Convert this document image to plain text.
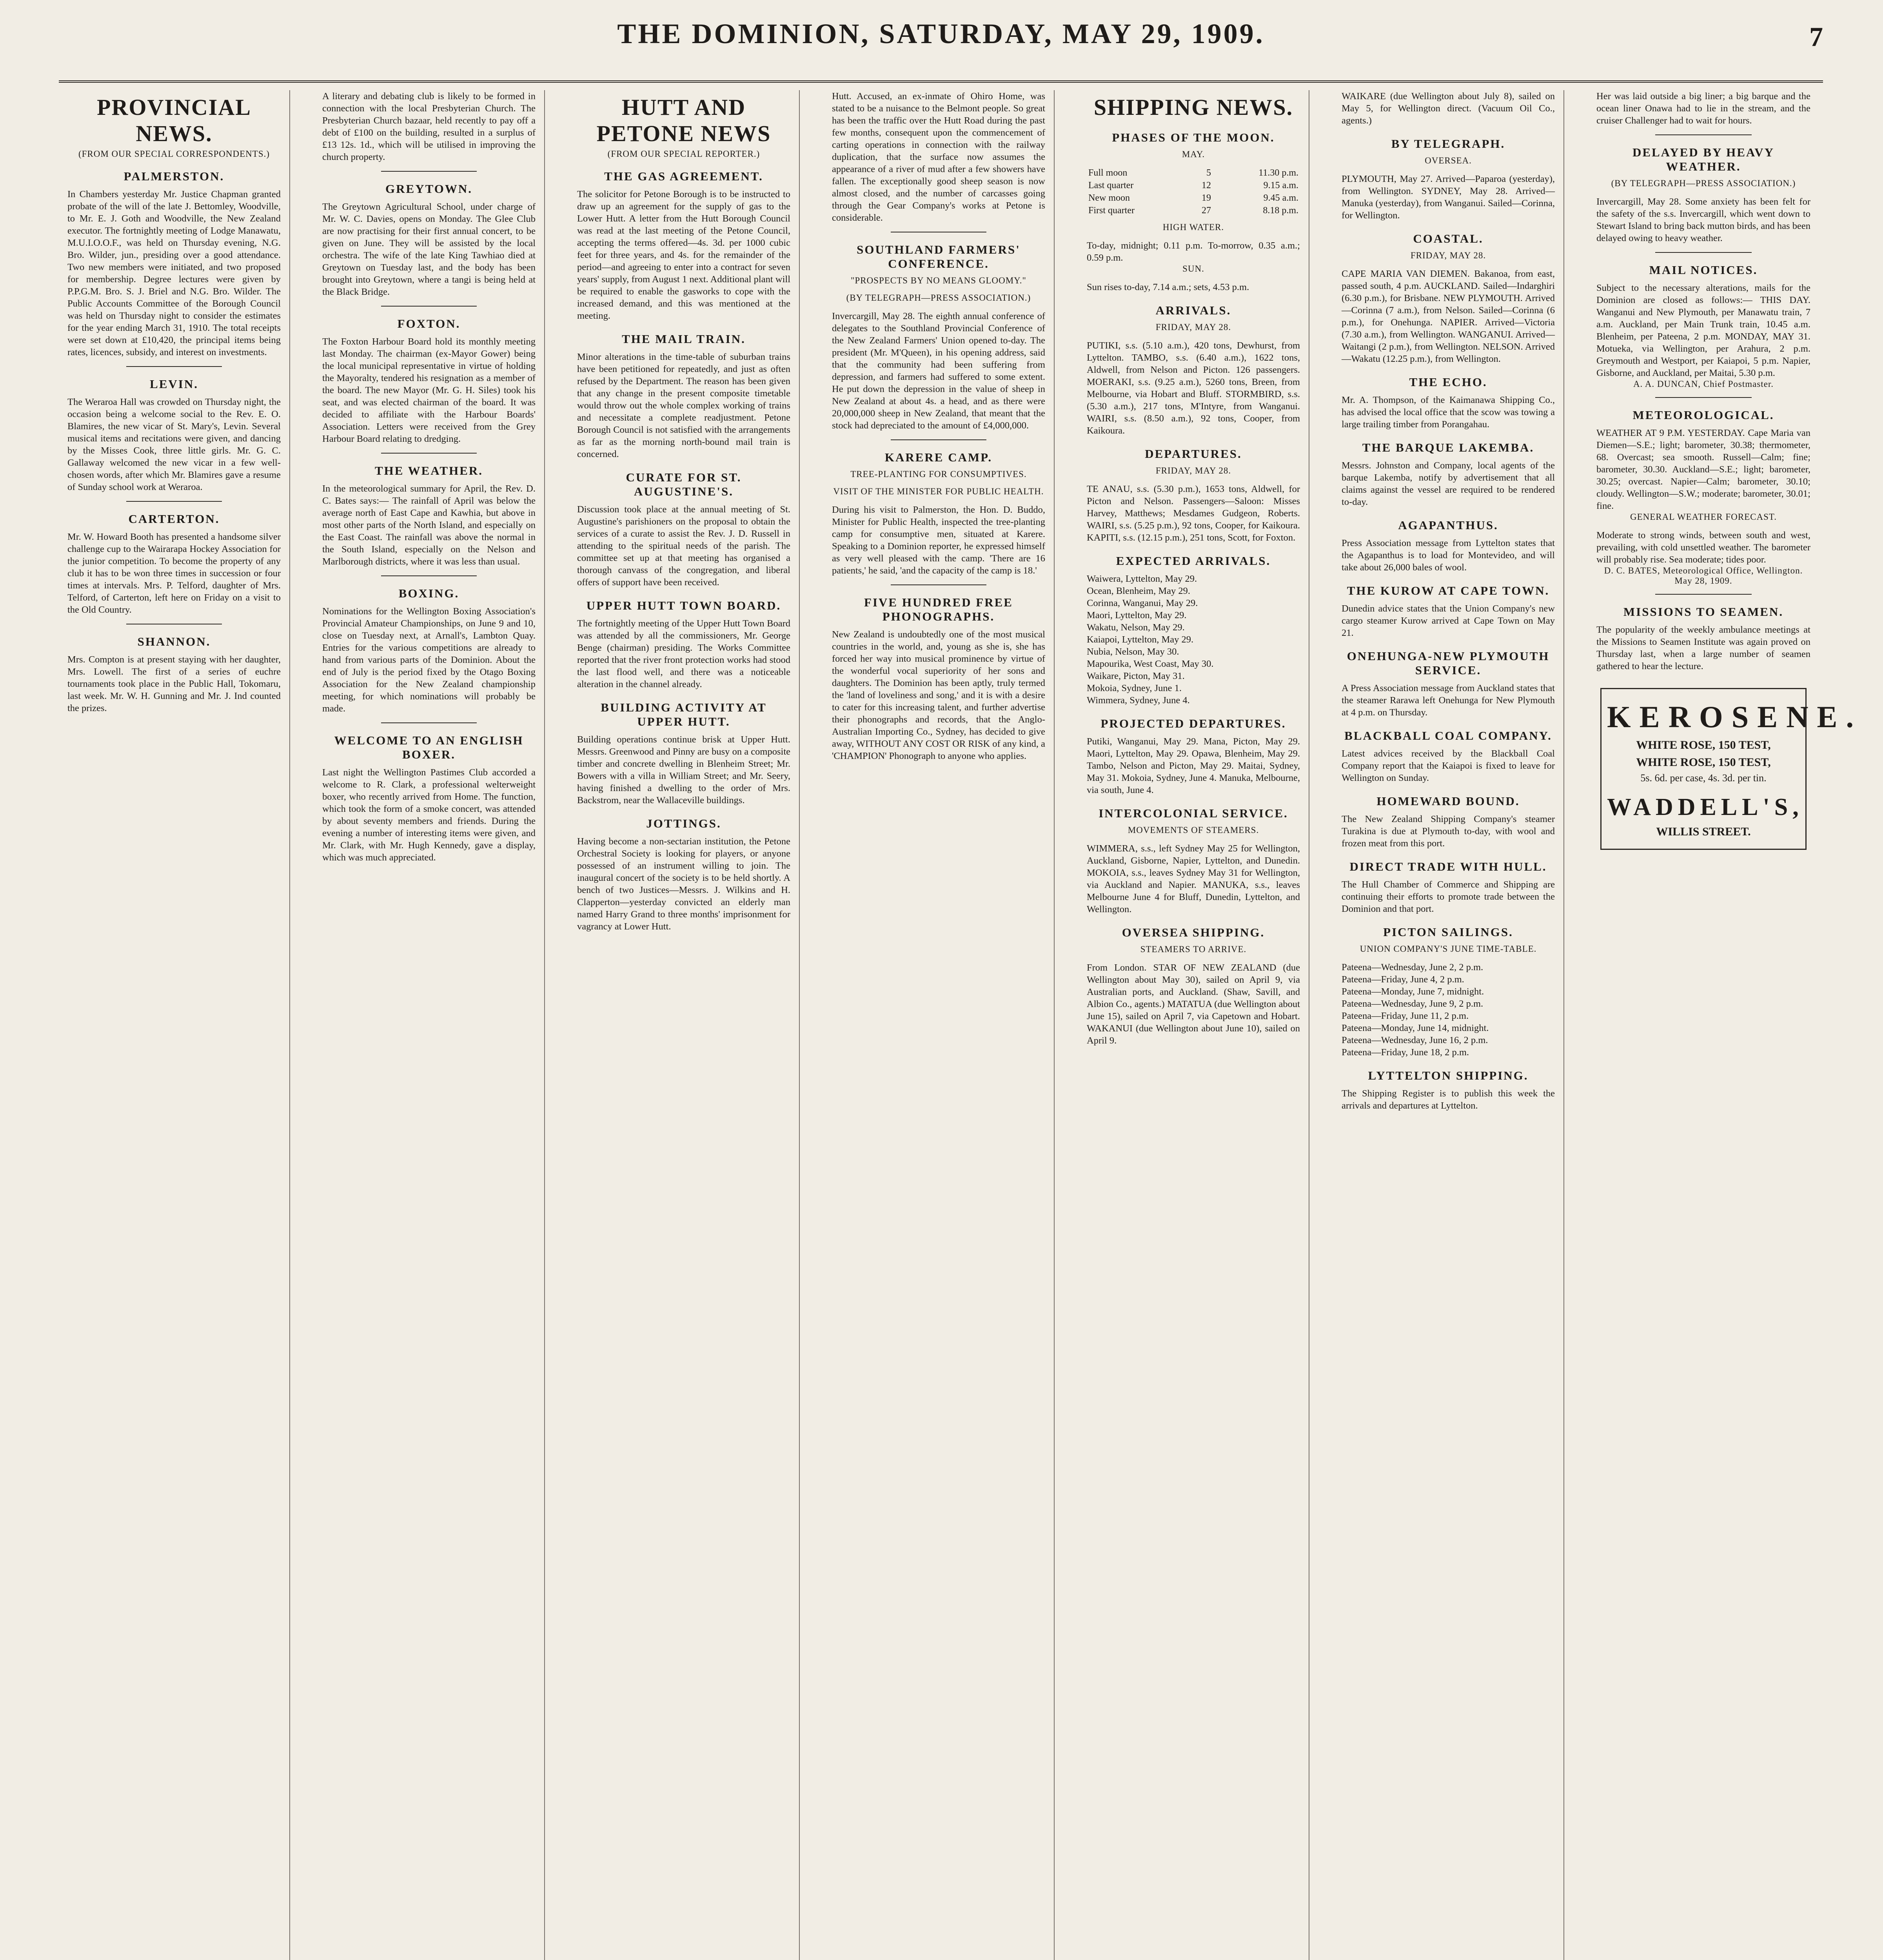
THE DOMINION, SATURDAY, MAY 29, 1909.	7
PROVINCIAL NEWS.
(FROM OUR SPECIAL CORRESPONDENTS.)
PALMERSTON.
In Chambers yesterday Mr. Justice Chapman granted probate of the will of the late J. Bettomley, Woodville, to Mr. E. J. Goth and Woodville, the New Zealand executor. The fortnightly meeting of Lodge Manawatu, M.U.I.O.O.F., was held on Thursday evening, N.G. Bro. Wilder, jun., presiding over a good attendance. Two new members were initiated, and two proposed for membership. Degree lectures were given by P.P.G.M. Bro. S. J. Briel and N.G. Bro. Wilder. The Public Accounts Committee of the Borough Council was held on Thursday night to consider the estimates for the year ending March 31, 1910. The total receipts were set down at £10,420, the principal items being rates, licences, subsidy, and interest on investments.
LEVIN.
The Weraroa Hall was crowded on Thursday night, the occasion being a welcome social to the Rev. E. O. Blamires, the new vicar of St. Mary's, Levin. Several musical items and recitations were given, and dancing by the Misses Cook, three little girls. Mr. G. C. Gallaway welcomed the new vicar in a few well-chosen words, after which Mr. Blamires gave a resume of Sunday school work at Weraroa.
CARTERTON.
Mr. W. Howard Booth has presented a handsome silver challenge cup to the Wairarapa Hockey Association for the junior competition. To become the property of any club it has to be won three times in succession or four times at intervals. Mrs. P. Telford, daughter of Mrs. Telford, of Carterton, left here on Friday on a visit to the Old Country.
SHANNON.
Mrs. Compton is at present staying with her daughter, Mrs. Lowell. The first of a series of euchre tournaments took place in the Public Hall, Tokomaru, last week. Mr. W. H. Gunning and Mr. J. Ind counted the prizes.
A literary and debating club is likely to be formed in connection with the local Presbyterian Church. The Presbyterian Church bazaar, held recently to pay off a debt of £100 on the building, resulted in a surplus of £13 12s. 1d., which will be utilised in improving the church property.
GREYTOWN.
The Greytown Agricultural School, under charge of Mr. W. C. Davies, opens on Monday. The Glee Club are now practising for their first annual concert, to be given on June. They will be assisted by the local orchestra. The wife of the late King Tawhiao died at Greytown on Tuesday last, and the body has been brought into Greytown, where a tangi is being held at the Black Bridge.
FOXTON.
The Foxton Harbour Board hold its monthly meeting last Monday. The chairman (ex-Mayor Gower) being the local municipal representative in virtue of holding the Mayoralty, tendered his resignation as a member of the board. The new Mayor (Mr. G. H. Siles) took his seat, and was elected chairman of the board. It was decided to affiliate with the Harbour Boards' Association. Letters were received from the Grey Harbour Board relating to dredging.
THE WEATHER.
In the meteorological summary for April, the Rev. D. C. Bates says:— The rainfall of April was below the average north of East Cape and Kawhia, but above in most other parts of the North Island, and especially on the East Coast. The rainfall was above the normal in the South Island, especially on the Nelson and Marlborough districts, where it was less than usual.
BOXING.
Nominations for the Wellington Boxing Association's Provincial Amateur Championships, on June 9 and 10, close on Tuesday next, at Arnall's, Lambton Quay. Entries for the various competitions are already to hand from various parts of the Dominion. About the end of July is the period fixed by the Otago Boxing Association for the New Zealand championship meeting, for which nominations will probably be made.
WELCOME TO AN ENGLISH BOXER.
Last night the Wellington Pastimes Club accorded a welcome to R. Clark, a professional welterweight boxer, who recently arrived from Home. The function, which took the form of a smoke concert, was attended by about seventy members and friends. During the evening a number of interesting items were given, and Mr. Clark, with Mr. Hugh Kennedy, gave a display, which was much appreciated.
HUTT AND PETONE NEWS
(FROM OUR SPECIAL REPORTER.)
THE GAS AGREEMENT.
The solicitor for Petone Borough is to be instructed to draw up an agreement for the supply of gas to the Lower Hutt. A letter from the Hutt Borough Council was read at the last meeting of the Petone Council, accepting the terms offered—4s. 3d. per 1000 cubic feet for three years, and 4s. for the remainder of the period—and agreeing to enter into a contract for seven years' supply, from August 1 next. Additional plant will be required to enable the gasworks to cope with the increased demand, and this was mentioned at the meeting.
THE MAIL TRAIN.
Minor alterations in the time-table of suburban trains have been petitioned for repeatedly, and just as often refused by the Department. The reason has been given that any change in the present composite timetable would throw out the whole complex working of trains and necessitate a complete readjustment. Petone Borough Council is not satisfied with the arrangements as far as the morning north-bound mail train is concerned.
CURATE FOR ST. AUGUSTINE'S.
Discussion took place at the annual meeting of St. Augustine's parishioners on the proposal to obtain the services of a curate to assist the Rev. J. D. Russell in attending to the spiritual needs of the parish. The committee set up at that meeting has organised a thorough canvass of the congregation, and liberal offers of support have been received.
UPPER HUTT TOWN BOARD.
The fortnightly meeting of the Upper Hutt Town Board was attended by all the commissioners, Mr. George Benge (chairman) presiding. The Works Committee reported that the river front protection works had stood the last flood well, and there was a noticeable alteration in the channel already.
BUILDING ACTIVITY AT UPPER HUTT.
Building operations continue brisk at Upper Hutt. Messrs. Greenwood and Pinny are busy on a composite timber and concrete dwelling in Blenheim Street; Mr. Bowers with a villa in William Street; and Mr. Seery, having finished a dwelling to the order of Mrs. Backstrom, near the Wallaceville buildings.
JOTTINGS.
Having become a non-sectarian institution, the Petone Orchestral Society is looking for players, or anyone possessed of an instrument willing to join. The inaugural concert of the society is to be held shortly. A bench of two Justices—Messrs. J. Wilkins and H. Clapperton—yesterday convicted an elderly man named Harry Grand to three months' imprisonment for vagrancy at Lower Hutt.
Hutt. Accused, an ex-inmate of Ohiro Home, was stated to be a nuisance to the Belmont people. So great has been the traffic over the Hutt Road during the past few months, consequent upon the commencement of carting operations in connection with the railway duplication, that the surface now assumes the appearance of a river of mud after a few showers have fallen. The exceptionally good sheep season is now almost closed, and the number of carcasses going through the Gear Company's works at Petone is considerable.
SOUTHLAND FARMERS' CONFERENCE.
"PROSPECTS BY NO MEANS GLOOMY."
(BY TELEGRAPH—PRESS ASSOCIATION.)
Invercargill, May 28. The eighth annual conference of delegates to the Southland Provincial Conference of the New Zealand Farmers' Union opened to-day. The president (Mr. M'Queen), in his opening address, said that the community had been suffering from depression, and farmers had suffered to some extent. He put down the depression in the value of sheep in New Zealand at about 4s. a head, and as there were 20,000,000 sheep in New Zealand, that meant that the stock had depreciated to the amount of £4,000,000.
KARERE CAMP.
TREE-PLANTING FOR CONSUMPTIVES.
VISIT OF THE MINISTER FOR PUBLIC HEALTH.
During his visit to Palmerston, the Hon. D. Buddo, Minister for Public Health, inspected the tree-planting camp for consumptive men, situated at Karere. Speaking to a Dominion reporter, he expressed himself as very well pleased with the camp. 'There are 16 patients,' he said, 'and the capacity of the camp is 18.'
FIVE HUNDRED FREE PHONOGRAPHS.
New Zealand is undoubtedly one of the most musical countries in the world, and, young as she is, she has forced her way into musical prominence by virtue of the wonderful vocal superiority of her sons and daughters. The Dominion has been aptly, truly termed the 'land of loveliness and song,' and it is with a desire to cater for this increasing talent, and further advertise their phonographs and records, that the Anglo-Australian Importing Co., Sydney, has decided to give away, WITHOUT ANY COST OR RISK of any kind, a 'CHAMPION' Phonograph to anyone who applies.
SHIPPING NEWS.
PHASES OF THE MOON.
MAY.
Full moon	5	11.30 p.m.
Last quarter	12	9.15 a.m.
New moon	19	9.45 a.m.
First quarter	27	8.18 p.m.
HIGH WATER.
To-day, midnight; 0.11 p.m. To-morrow, 0.35 a.m.; 0.59 p.m.
SUN.
Sun rises to-day, 7.14 a.m.; sets, 4.53 p.m.
ARRIVALS.
FRIDAY, MAY 28.
PUTIKI, s.s. (5.10 a.m.), 420 tons, Dewhurst, from Lyttelton. TAMBO, s.s. (6.40 a.m.), 1622 tons, Aldwell, from Nelson and Picton. 126 passengers. MOERAKI, s.s. (9.25 a.m.), 5260 tons, Breen, from Melbourne, via Hobart and Bluff. STORMBIRD, s.s. (5.30 a.m.), 217 tons, M'Intyre, from Wanganui. WAIRI, s.s. (8.50 a.m.), 92 tons, Cooper, from Kaikoura.
DEPARTURES.
FRIDAY, MAY 28.
TE ANAU, s.s. (5.30 p.m.), 1653 tons, Aldwell, for Picton and Nelson. Passengers—Saloon: Misses Harvey, Matthews; Mesdames Gudgeon, Roberts. WAIRI, s.s. (5.25 p.m.), 92 tons, Cooper, for Kaikoura. KAPITI, s.s. (12.15 p.m.), 251 tons, Scott, for Foxton.
EXPECTED ARRIVALS.
Waiwera, Lyttelton, May 29.
Ocean, Blenheim, May 29.
Corinna, Wanganui, May 29.
Maori, Lyttelton, May 29.
Wakatu, Nelson, May 29.
Kaiapoi, Lyttelton, May 29.
Nubia, Nelson, May 30.
Mapourika, West Coast, May 30.
Waikare, Picton, May 31.
Mokoia, Sydney, June 1.
Wimmera, Sydney, June 4.
PROJECTED DEPARTURES.
Putiki, Wanganui, May 29. Mana, Picton, May 29. Maori, Lyttelton, May 29. Opawa, Blenheim, May 29. Tambo, Nelson and Picton, May 29. Maitai, Sydney, May 31. Mokoia, Sydney, June 4. Manuka, Melbourne, via south, June 4.
INTERCOLONIAL SERVICE.
MOVEMENTS OF STEAMERS.
WIMMERA, s.s., left Sydney May 25 for Wellington, Auckland, Gisborne, Napier, Lyttelton, and Dunedin. MOKOIA, s.s., leaves Sydney May 31 for Wellington, via Auckland and Napier. MANUKA, s.s., leaves Melbourne June 4 for Bluff, Dunedin, Lyttelton, and Wellington.
OVERSEA SHIPPING.
STEAMERS TO ARRIVE.
From London. STAR OF NEW ZEALAND (due Wellington about May 30), sailed on April 9, via Australian ports, and Auckland. (Shaw, Savill, and Albion Co., agents.) MATATUA (due Wellington about June 15), sailed on April 7, via Capetown and Hobart. WAKANUI (due Wellington about June 10), sailed on April 9.
WAIKARE (due Wellington about July 8), sailed on May 5, for Wellington direct. (Vacuum Oil Co., agents.)
BY TELEGRAPH.
OVERSEA.
PLYMOUTH, May 27. Arrived—Paparoa (yesterday), from Wellington. SYDNEY, May 28. Arrived—Manuka (yesterday), from Wanganui. Sailed—Corinna, for Wellington.
COASTAL.
FRIDAY, MAY 28.
CAPE MARIA VAN DIEMEN. Bakanoa, from east, passed south, 4 p.m. AUCKLAND. Sailed—Indarghiri (6.30 p.m.), for Brisbane. NEW PLYMOUTH. Arrived—Corinna (7 a.m.), from Nelson. Sailed—Corinna (6 p.m.), for Onehunga. NAPIER. Arrived—Victoria (7.30 a.m.), from Wellington. WANGANUI. Arrived—Waitangi (2 p.m.), from Wellington. NELSON. Arrived—Wakatu (12.25 p.m.), from Wellington.
THE ECHO.
Mr. A. Thompson, of the Kaimanawa Shipping Co., has advised the local office that the scow was towing a large trailing timber from Porangahau.
THE BARQUE LAKEMBA.
Messrs. Johnston and Company, local agents of the barque Lakemba, notify by advertisement that all claims against the vessel are required to be rendered to-day.
AGAPANTHUS.
Press Association message from Lyttelton states that the Agapanthus is to load for Montevideo, and will take about 26,000 bales of wool.
THE KUROW AT CAPE TOWN.
Dunedin advice states that the Union Company's new cargo steamer Kurow arrived at Cape Town on May 21.
ONEHUNGA-NEW PLYMOUTH SERVICE.
A Press Association message from Auckland states that the steamer Rarawa left Onehunga for New Plymouth at 4 p.m. on Thursday.
BLACKBALL COAL COMPANY.
Latest advices received by the Blackball Coal Company report that the Kaiapoi is fixed to leave for Wellington on Sunday.
HOMEWARD BOUND.
The New Zealand Shipping Company's steamer Turakina is due at Plymouth to-day, with wool and frozen meat from this port.
DIRECT TRADE WITH HULL.
The Hull Chamber of Commerce and Shipping are continuing their efforts to promote trade between the Dominion and that port.
PICTON SAILINGS.
UNION COMPANY'S JUNE TIME-TABLE.
Pateena—Wednesday, June 2, 2 p.m.
Pateena—Friday, June 4, 2 p.m.
Pateena—Monday, June 7, midnight.
Pateena—Wednesday, June 9, 2 p.m.
Pateena—Friday, June 11, 2 p.m.
Pateena—Monday, June 14, midnight.
Pateena—Wednesday, June 16, 2 p.m.
Pateena—Friday, June 18, 2 p.m.
LYTTELTON SHIPPING.
The Shipping Register is to publish this week the arrivals and departures at Lyttelton.
Her was laid outside a big liner; a big barque and the ocean liner Onawa had to lie in the stream, and the cruiser Challenger had to wait for hours.
DELAYED BY HEAVY WEATHER.
(BY TELEGRAPH—PRESS ASSOCIATION.)
Invercargill, May 28. Some anxiety has been felt for the safety of the s.s. Invercargill, which went down to Stewart Island to bring back mutton birds, and has been delayed owing to heavy weather.
MAIL NOTICES.
Subject to the necessary alterations, mails for the Dominion are closed as follows:— THIS DAY. Wanganui and New Plymouth, per Manawatu train, 7 a.m. Auckland, per Main Trunk train, 10.45 a.m. Blenheim, per Pateena, 2 p.m. MONDAY, MAY 31. Motueka, via Wellington, per Arahura, 2 p.m. Greymouth and Westport, per Kaiapoi, 5 p.m. Napier, Gisborne, and Auckland, per Maitai, 5.30 p.m.
A. A. DUNCAN, Chief Postmaster.
METEOROLOGICAL.
WEATHER AT 9 P.M. YESTERDAY. Cape Maria van Diemen—S.E.; light; barometer, 30.38; thermometer, 68. Overcast; sea smooth. Russell—Calm; fine; barometer, 30.30. Auckland—S.E.; light; barometer, 30.25; overcast. Napier—Calm; barometer, 30.10; cloudy. Wellington—S.W.; moderate; barometer, 30.01; fine.
GENERAL WEATHER FORECAST.
Moderate to strong winds, between south and west, prevailing, with cold unsettled weather. The barometer will probably rise. Sea moderate; tides poor.
D. C. BATES, Meteorological Office, Wellington. May 28, 1909.
MISSIONS TO SEAMEN.
The popularity of the weekly ambulance meetings at the Missions to Seamen Institute was again proved on Thursday last, when a large number of seamen gathered to hear the lecture.
KEROSENE.
WHITE ROSE, 150 TEST,
WHITE ROSE, 150 TEST,
5s. 6d. per case, 4s. 3d. per tin.
WADDELL'S,
WILLIS STREET.
